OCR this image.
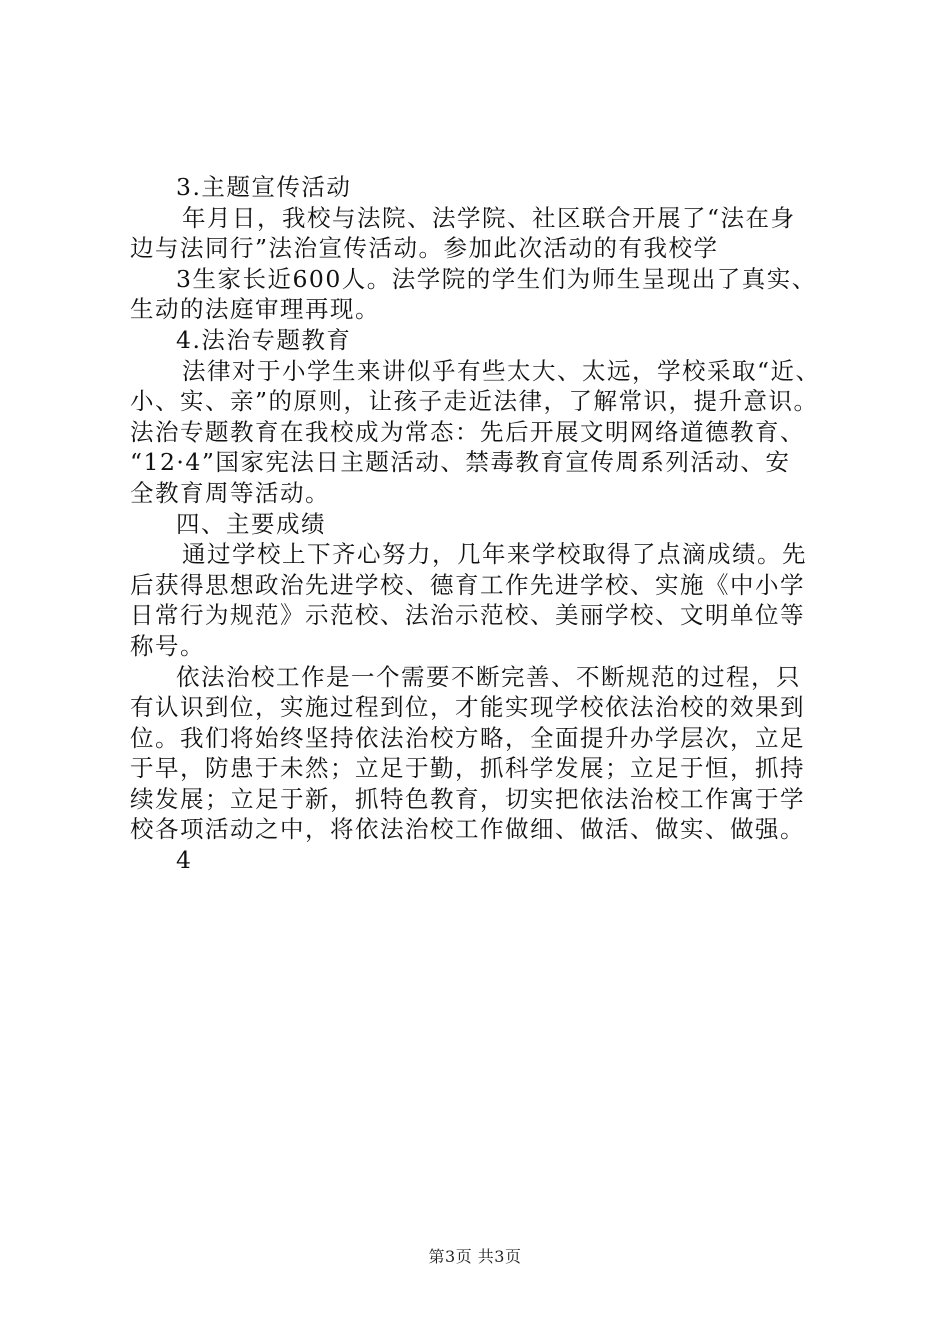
3.主题宣传活动
年月日，我校与法院、法学院、社区联合开展了“法在身
边与法同行”法治宣传活动。参加此次活动的有我校学
3生家长近600人。法学院的学生们为师生呈现出了真实、
生动的法庭审理再现。
4.法治专题教育
法律对于小学生来讲似乎有些太大、太远，学校采取“近、
小、实、亲”的原则，让孩子走近法律，了解常识，提升意识。
法治专题教育在我校成为常态：先后开展文明网络道德教育、
“12·4”国家宪法日主题活动、禁毒教育宣传周系列活动、安
全教育周等活动。
四、主要成绩
通过学校上下齐心努力，几年来学校取得了点滴成绩。先
后获得思想政治先进学校、德育工作先进学校、实施《中小学
日常行为规范》示范校、法治示范校、美丽学校、文明单位等
称号。
依法治校工作是一个需要不断完善、不断规范的过程，只
有认识到位，实施过程到位，才能实现学校依法治校的效果到
位。我们将始终坚持依法治校方略，全面提升办学层次，立足
于早，防患于未然；立足于勤，抓科学发展；立足于恒，抓持
续发展；立足于新，抓特色教育，切实把依法治校工作寓于学
校各项活动之中，将依法治校工作做细、做活、做实、做强。
4
第3页 共3页
